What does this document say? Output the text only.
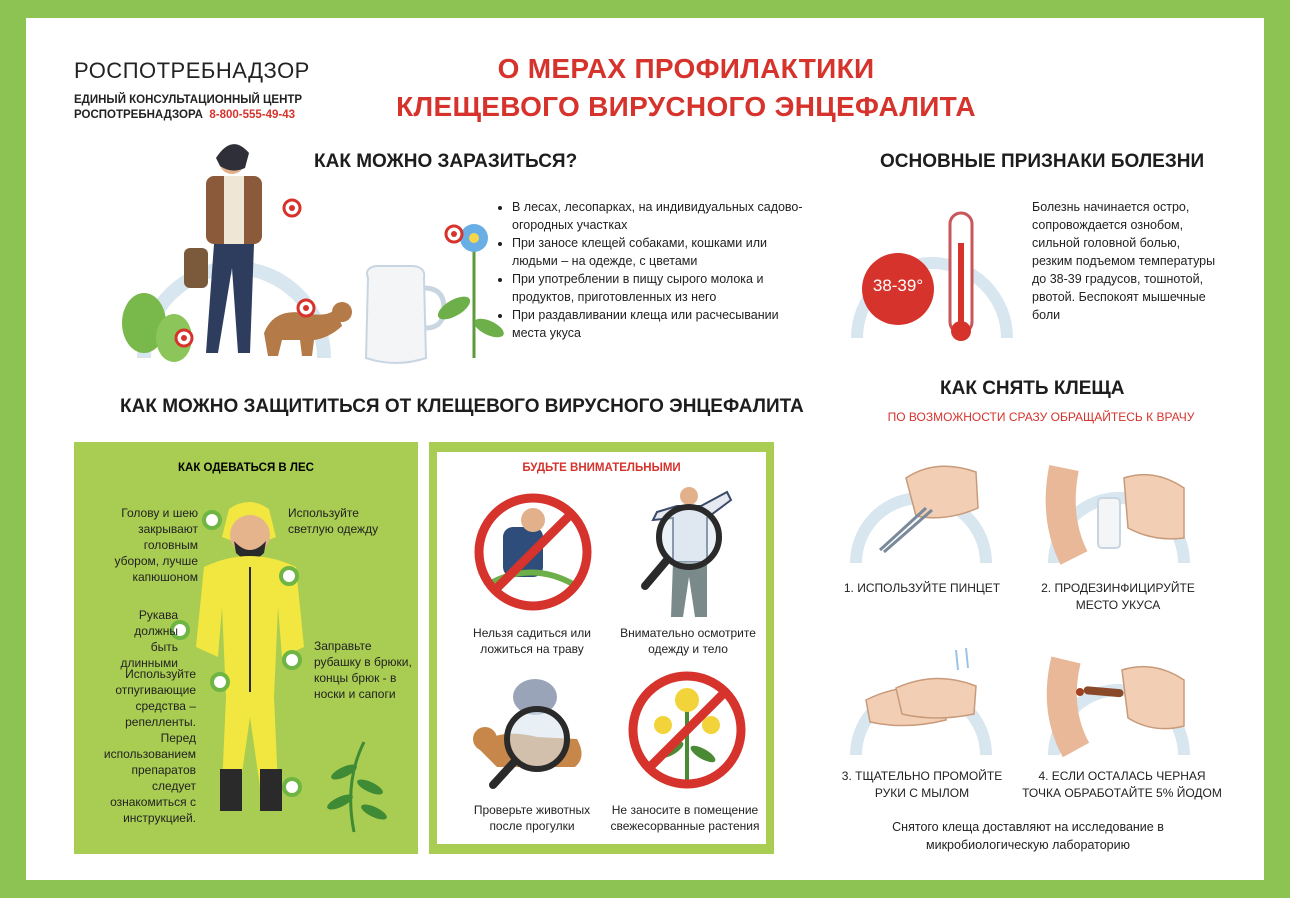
РОСПОТРЕБНАДЗОР
ЕДИНЫЙ КОНСУЛЬТАЦИОННЫЙ ЦЕНТР
РОСПОТРЕБНАДЗОРА 8-800-555-49-43
О МЕРАХ ПРОФИЛАКТИКИ
КЛЕЩЕВОГО ВИРУСНОГО ЭНЦЕФАЛИТА
КАК МОЖНО ЗАРАЗИТЬСЯ?
• В лесах, лесопарках, на индивидуальных садово-огородных участках
• При заносе клещей собаками, кошками или людьми – на одежде, с цветами
• При употреблении в пищу сырого молока и продуктов, приготовленных из него
• При раздавливании клеща или расчесывании места укуса
ОСНОВНЫЕ ПРИЗНАКИ БОЛЕЗНИ
38-39°
Болезнь начинается остро, сопровождается ознобом, сильной головной болью, резким подъемом температуры до 38-39 градусов, тошнотой, рвотой. Беспокоят мышечные боли
КАК МОЖНО ЗАЩИТИТЬСЯ ОТ КЛЕЩЕВОГО ВИРУСНОГО ЭНЦЕФАЛИТА
КАК ОДЕВАТЬСЯ В ЛЕС
Голову и шею закрывают головным убором, лучше капюшоном
Используйте светлую одежду
Рукава должны быть длинными
Заправьте рубашку в брюки, концы брюк - в носки и сапоги
Используйте отпугивающие средства – репелленты. Перед использованием препаратов следует ознакомиться с инструкцией.
БУДЬТЕ ВНИМАТЕЛЬНЫМИ
Нельзя садиться или ложиться на траву
Внимательно осмотрите одежду и тело
Проверьте животных после прогулки
Не заносите в помещение свежесорванные растения
КАК СНЯТЬ КЛЕЩА
ПО ВОЗМОЖНОСТИ СРАЗУ ОБРАЩАЙТЕСЬ К ВРАЧУ
1. ИСПОЛЬЗУЙТЕ ПИНЦЕТ	2. ПРОДЕЗИНФИЦИРУЙТЕ МЕСТО УКУСА
3. ТЩАТЕЛЬНО ПРОМОЙТЕ РУКИ С МЫЛОМ
4. ЕСЛИ ОСТАЛАСЬ ЧЕРНАЯ ТОЧКА ОБРАБОТАЙТЕ 5% ЙОДОМ
Снятого клеща доставляют на исследование в микробиологическую лабораторию
